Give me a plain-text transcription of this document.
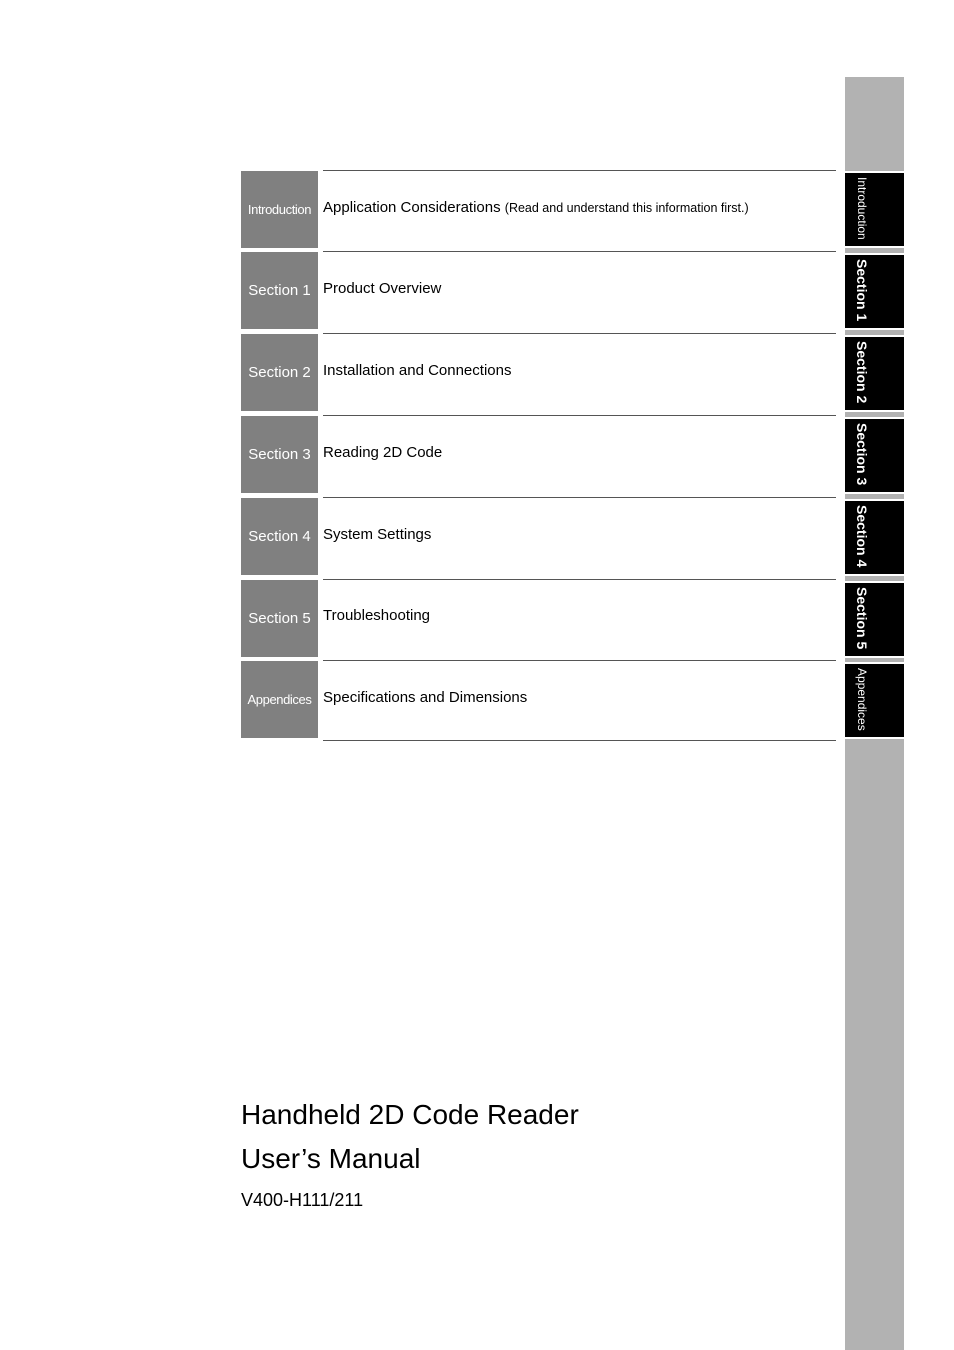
Introduction
Section 1
Section 2
Section 3
Section 4
Section 5
Appendices
Introduction Application Considerations (Read and understand this information first.)
Section 1 Product Overview
Section 2 Installation and Connections
Section 3 Reading 2D Code
Section 4 System Settings
Section 5 Troubleshooting
Appendices Specifications and Dimensions
Handheld 2D Code Reader
User’s Manual
V400-H111/211
